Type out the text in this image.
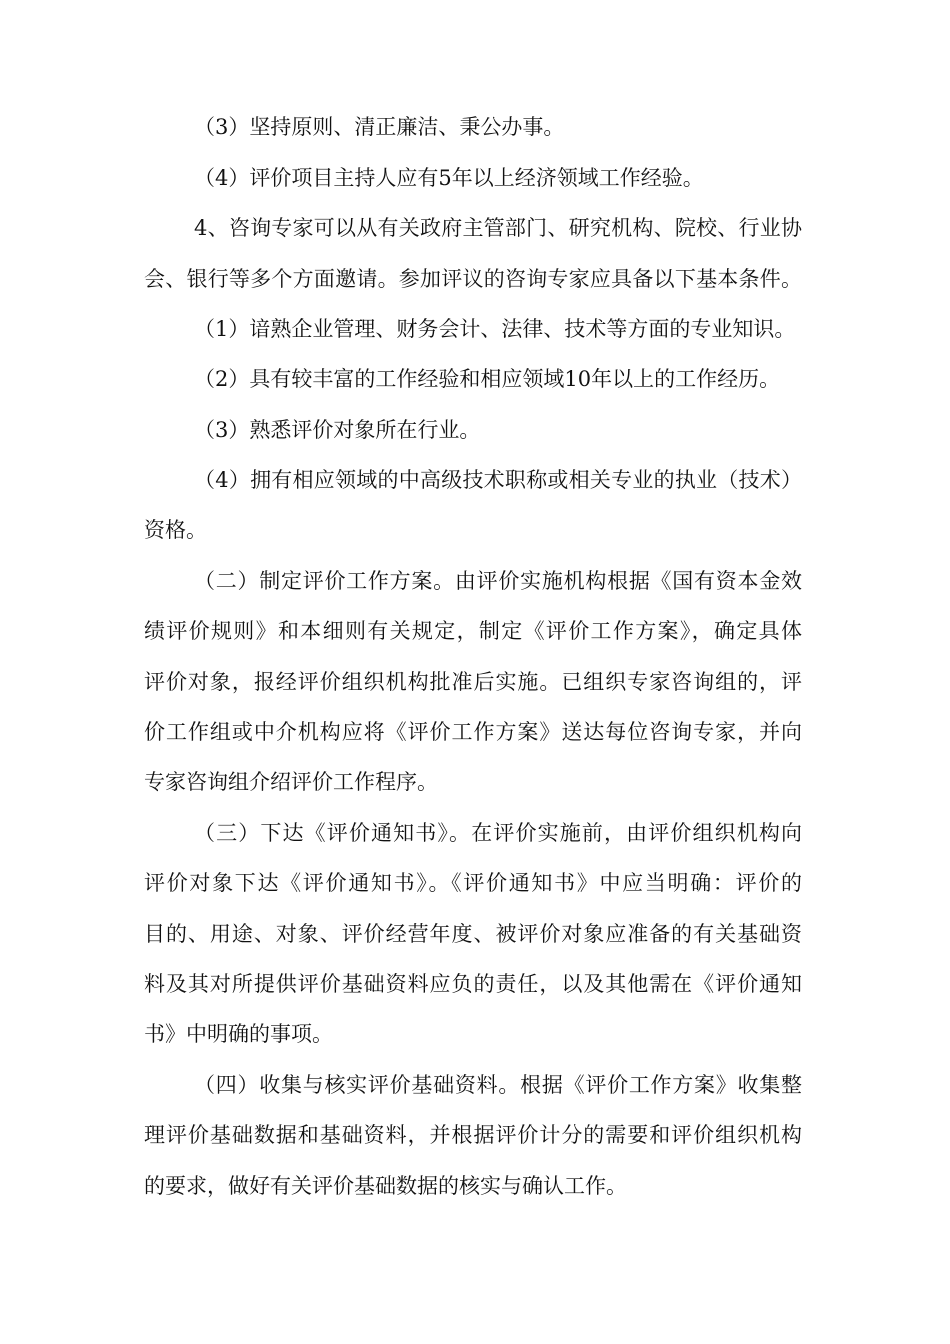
（3）坚持原则、清正廉洁、秉公办事。
（4）评价项目主持人应有5年以上经济领域工作经验。
4、咨询专家可以从有关政府主管部门、研究机构、院校、行业协
会、银行等多个方面邀请。参加评议的咨询专家应具备以下基本条件。
（1）谙熟企业管理、财务会计、法律、技术等方面的专业知识。
（2）具有较丰富的工作经验和相应领域10年以上的工作经历。
（3）熟悉评价对象所在行业。
（4）拥有相应领域的中高级技术职称或相关专业的执业（技术）
资格。
（二）制定评价工作方案。由评价实施机构根据《国有资本金效
绩评价规则》和本细则有关规定，制定《评价工作方案》，确定具体
评价对象，报经评价组织机构批准后实施。已组织专家咨询组的，评
价工作组或中介机构应将《评价工作方案》送达每位咨询专家，并向
专家咨询组介绍评价工作程序。
（三）下达《评价通知书》。在评价实施前，由评价组织机构向
评价对象下达《评价通知书》。《评价通知书》中应当明确：评价的
目的、用途、对象、评价经营年度、被评价对象应准备的有关基础资
料及其对所提供评价基础资料应负的责任，以及其他需在《评价通知
书》中明确的事项。
（四）收集与核实评价基础资料。根据《评价工作方案》收集整
理评价基础数据和基础资料，并根据评价计分的需要和评价组织机构
的要求，做好有关评价基础数据的核实与确认工作。
